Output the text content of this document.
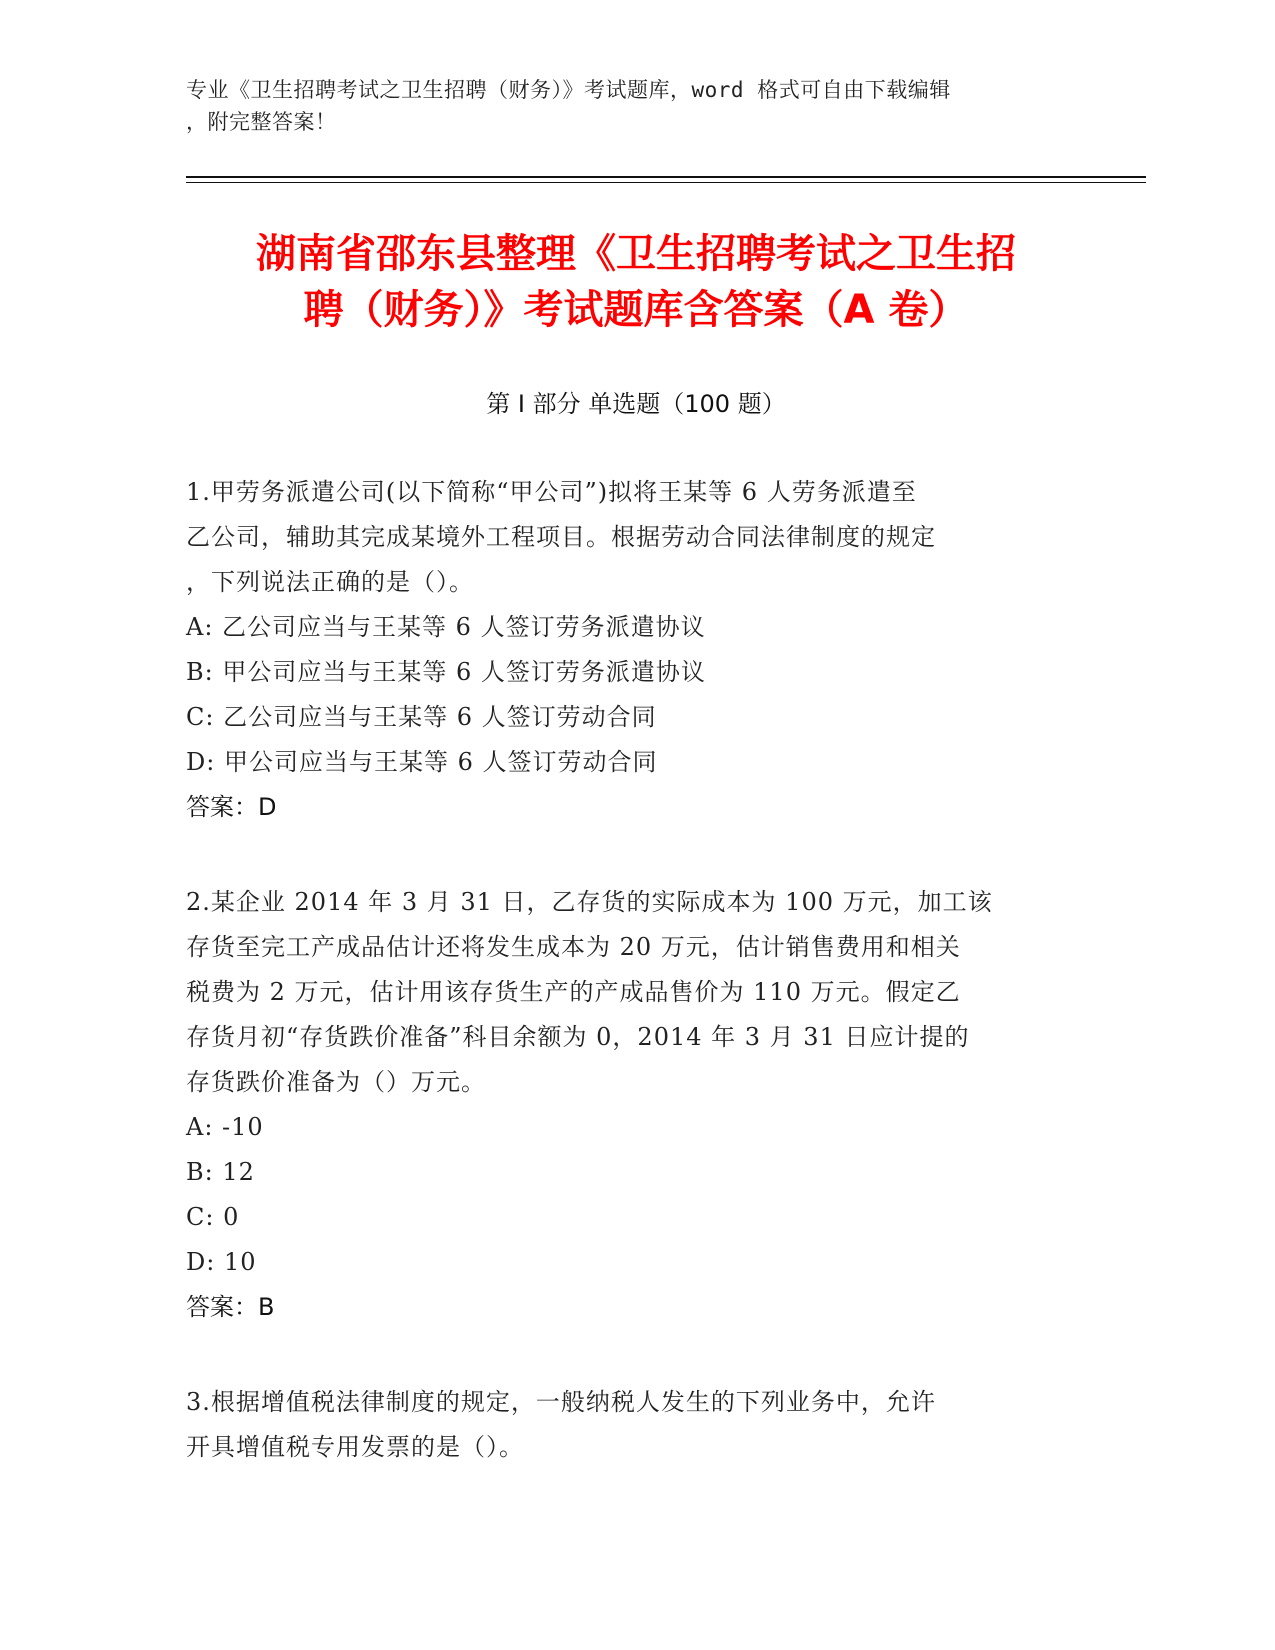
专业《卫生招聘考试之卫生招聘（财务）》考试题库，word 格式可自由下载编辑
，附完整答案！
湖南省邵东县整理《卫生招聘考试之卫生招
聘（财务）》考试题库含答案（A 卷）
第 I 部分 单选题（100 题）
1.甲劳务派遣公司(以下简称“甲公司”)拟将王某等 6 人劳务派遣至
乙公司，辅助其完成某境外工程项目。根据劳动合同法律制度的规定
，下列说法正确的是（）。
A: 乙公司应当与王某等 6 人签订劳务派遣协议
B: 甲公司应当与王某等 6 人签订劳务派遣协议
C: 乙公司应当与王某等 6 人签订劳动合同
D: 甲公司应当与王某等 6 人签订劳动合同
答案：D
2.某企业 2014 年 3 月 31 日，乙存货的实际成本为 100 万元，加工该
存货至完工产成品估计还将发生成本为 20 万元，估计销售费用和相关
税费为 2 万元，估计用该存货生产的产成品售价为 110 万元。假定乙
存货月初“存货跌价准备”科目余额为 0，2014 年 3 月 31 日应计提的
存货跌价准备为（）万元。
A: -10
B: 12
C: 0
D: 10
答案：B
3.根据增值税法律制度的规定，一般纳税人发生的下列业务中，允许
开具增值税专用发票的是（）。
